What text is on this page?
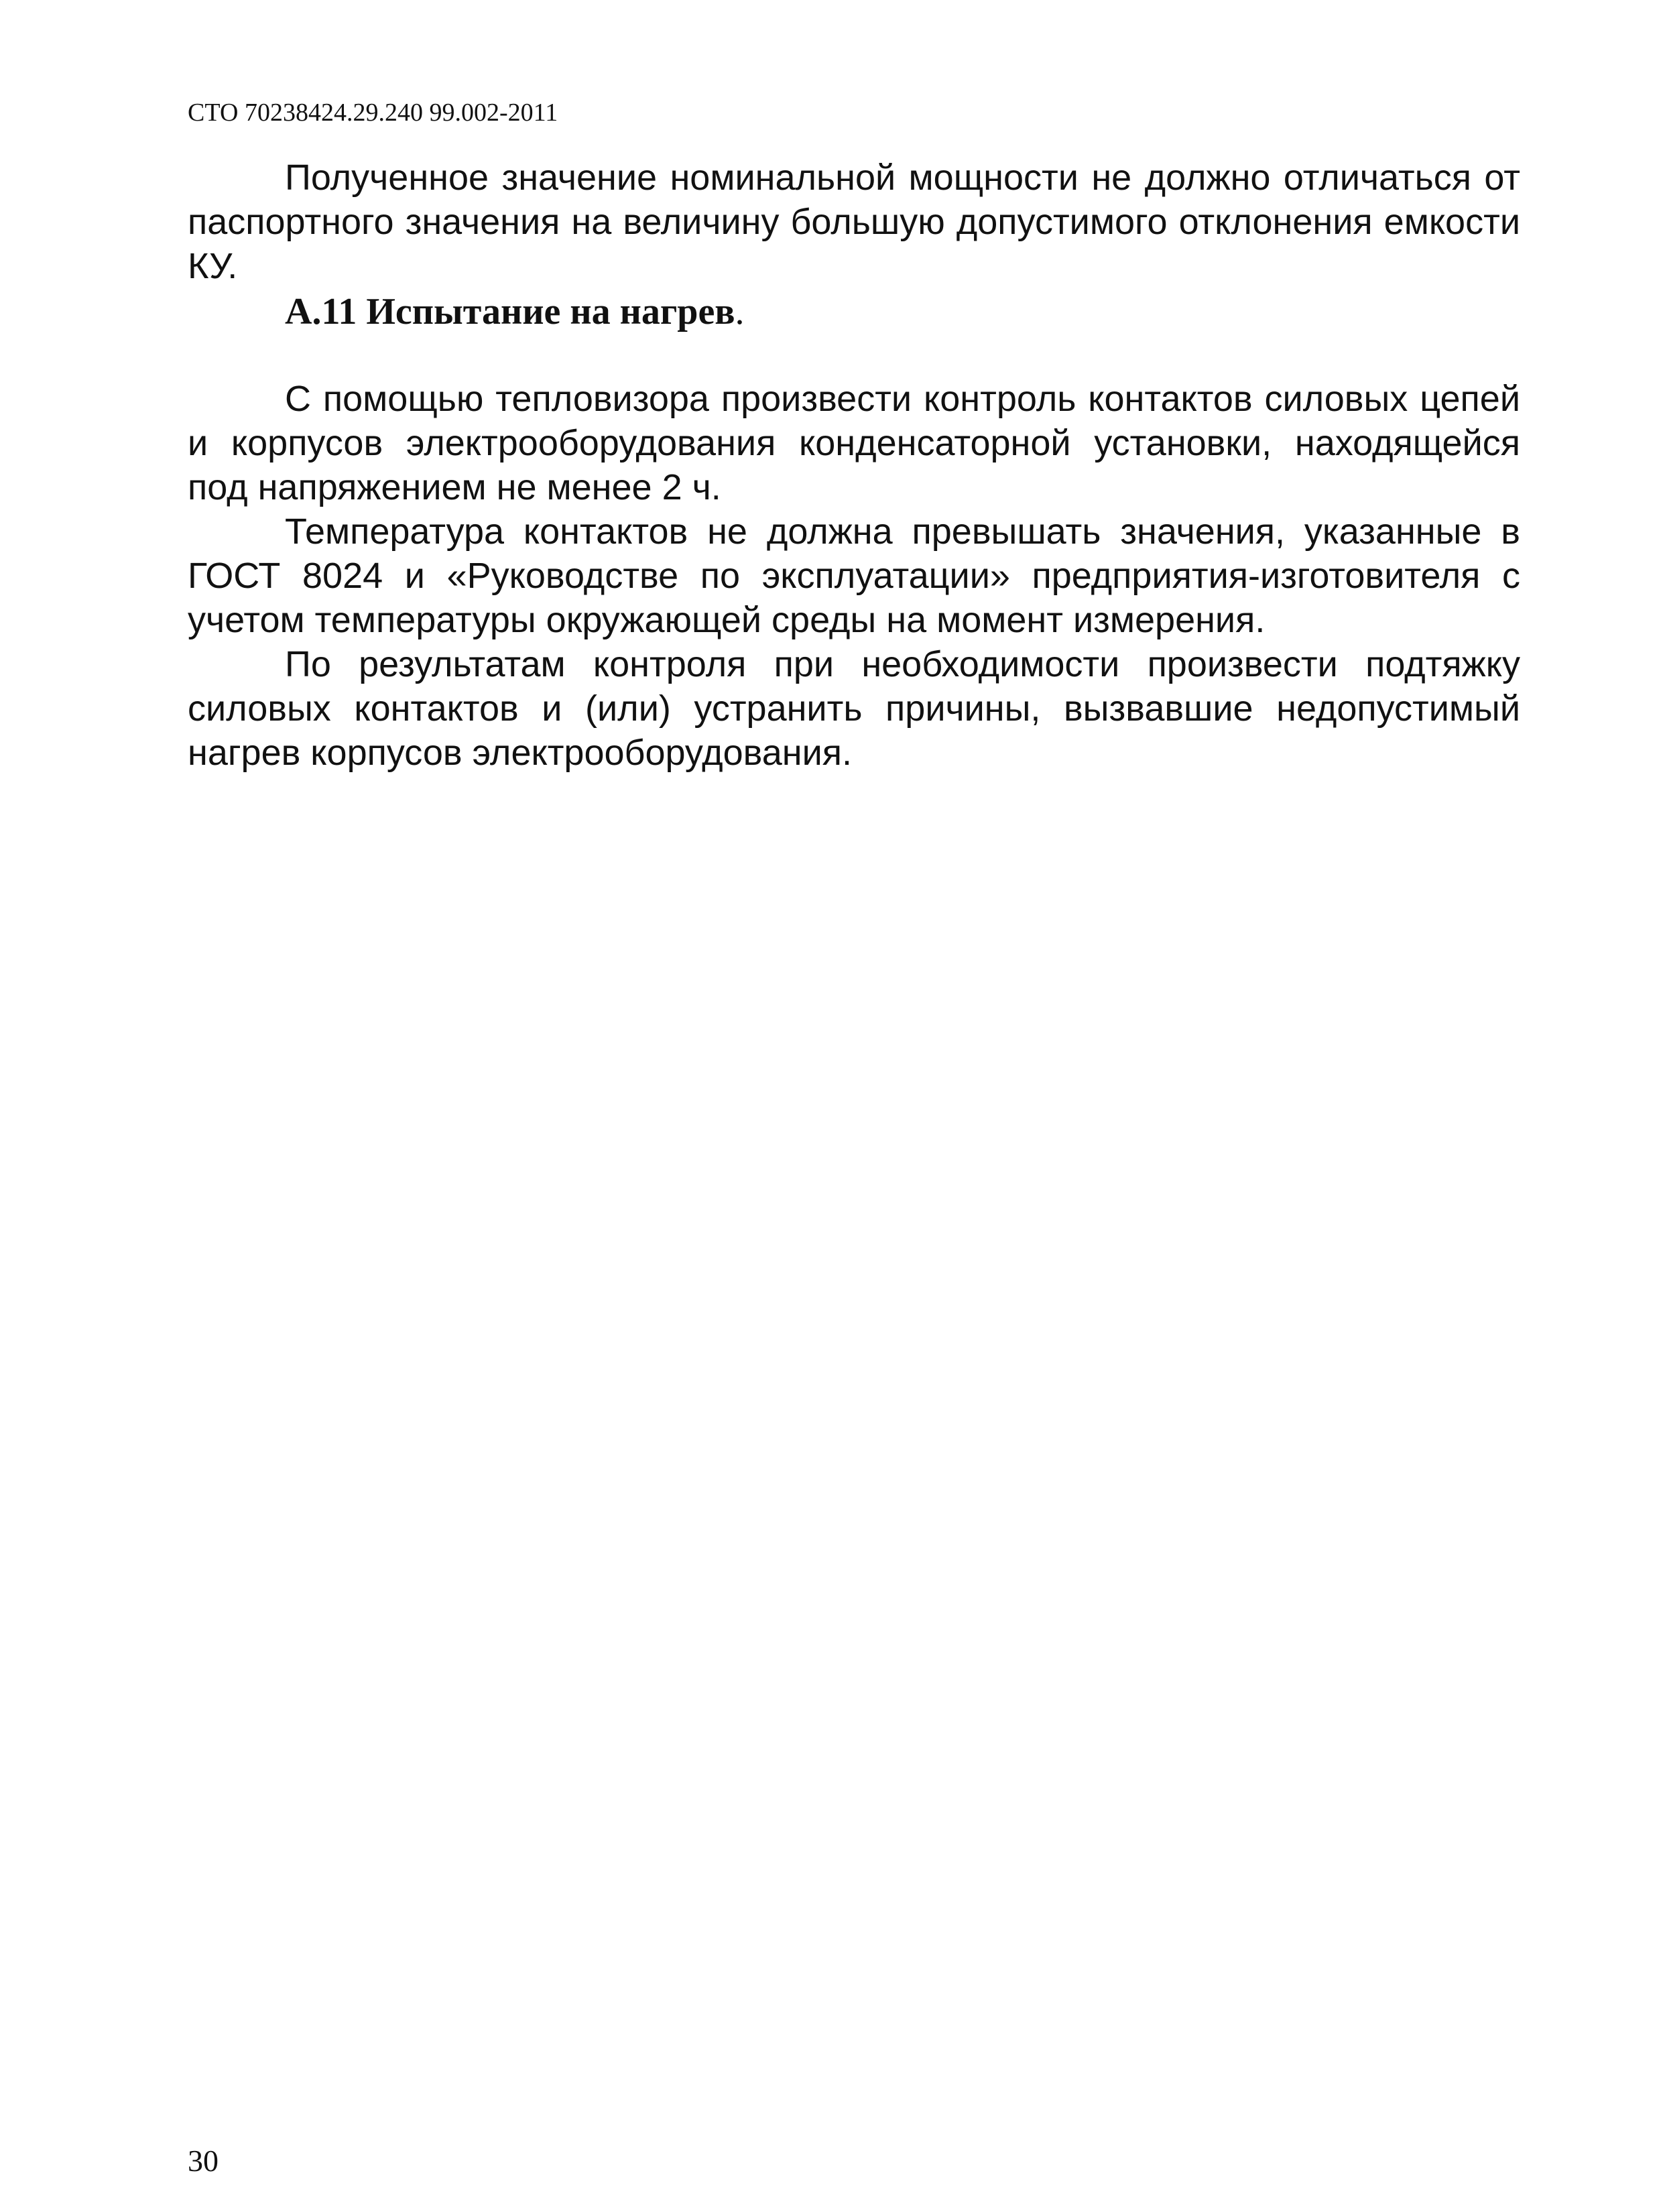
СТО 70238424.29.240 99.002-2011

Полученное значение номинальной мощности не должно отличаться от паспортного значения на величину большую допустимого отклонения емкости КУ.

А.11 Испытание на нагрев.

С помощью тепловизора произвести контроль контактов силовых цепей и корпусов электрооборудования конденсаторной установки, находящейся под напряжением не менее 2 ч.

Температура контактов не должна превышать значения, указанные в ГОСТ 8024 и «Руководстве по эксплуатации» предприятия-изготовителя с учетом температуры окружающей среды на момент измерения.

По результатам контроля при необходимости произвести подтяжку силовых контактов и (или) устранить причины, вызвавшие недопустимый нагрев корпусов электрооборудования.

30
